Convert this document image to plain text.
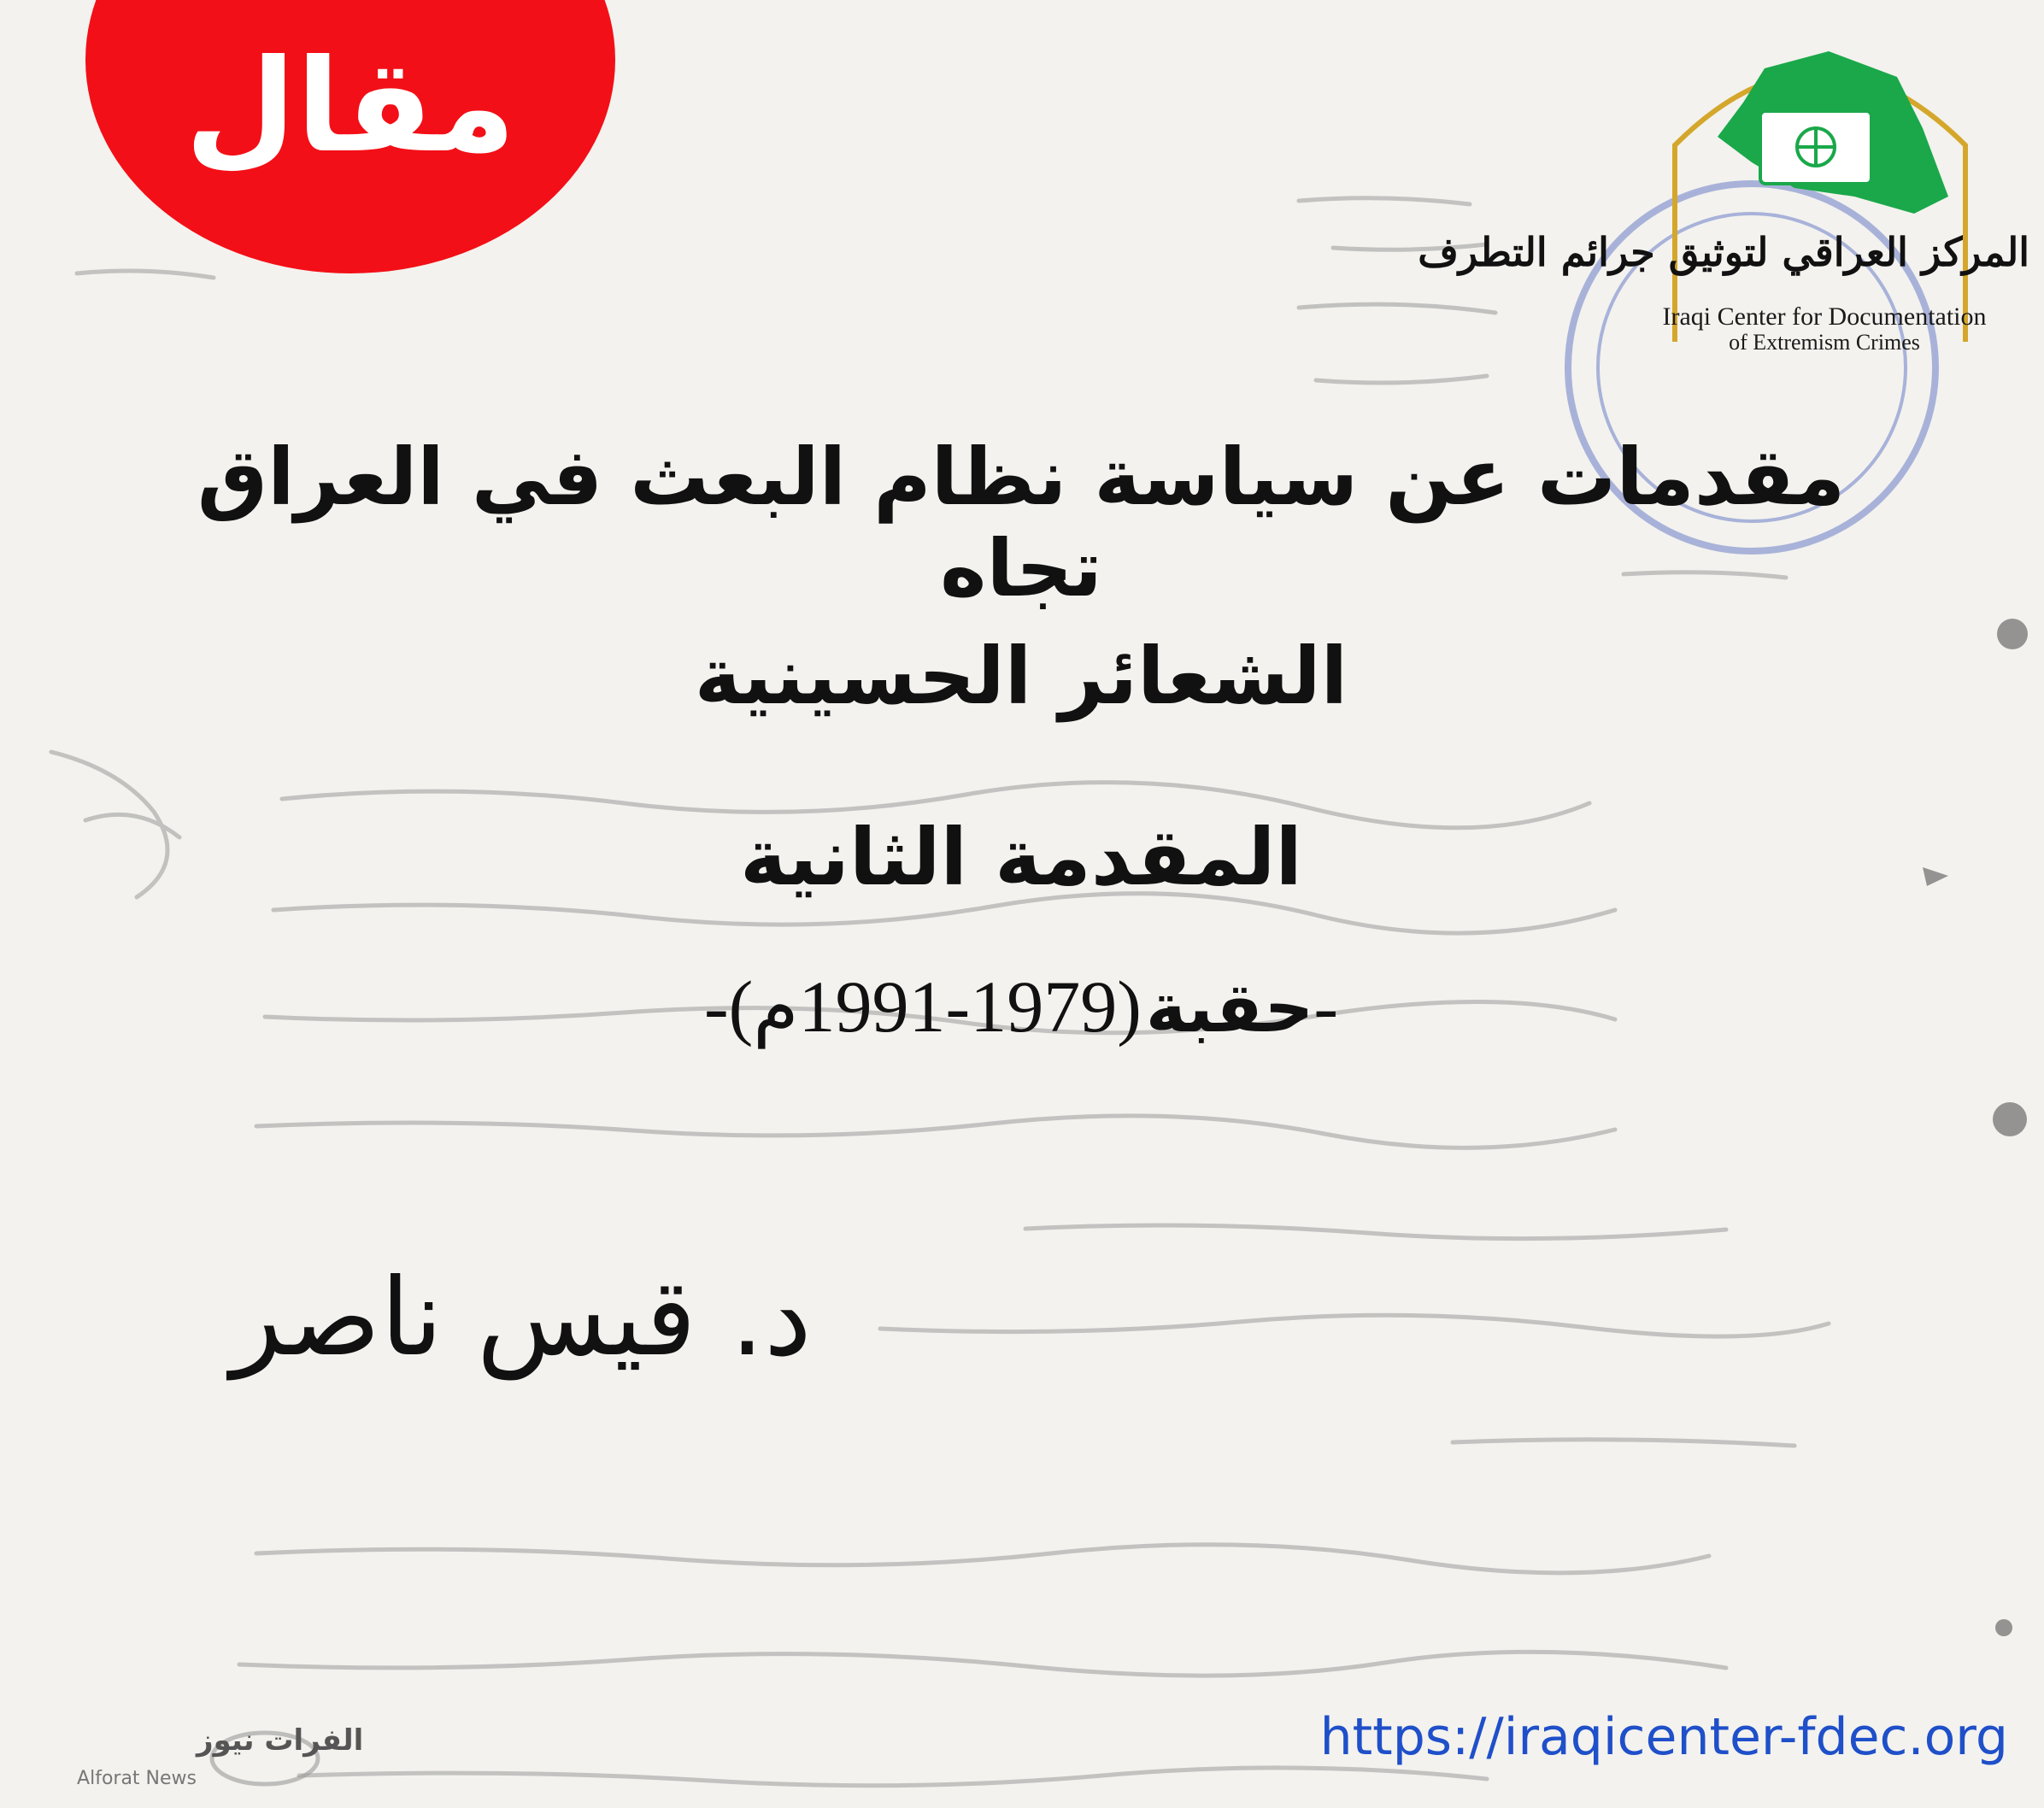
مقال
المركز العراقي لتوثيق جرائم التطرف
Iraqi Center for Documentation
of Extremism Crimes
مقدمات عن سياسة نظام البعث في العراق تجاه
الشعائر الحسينية
المقدمة الثانية
-حقبة (1979-1991م)-
د. قيس ناصر
الفرات نيوز
Alforat News
https://iraqicenter-fdec.org
